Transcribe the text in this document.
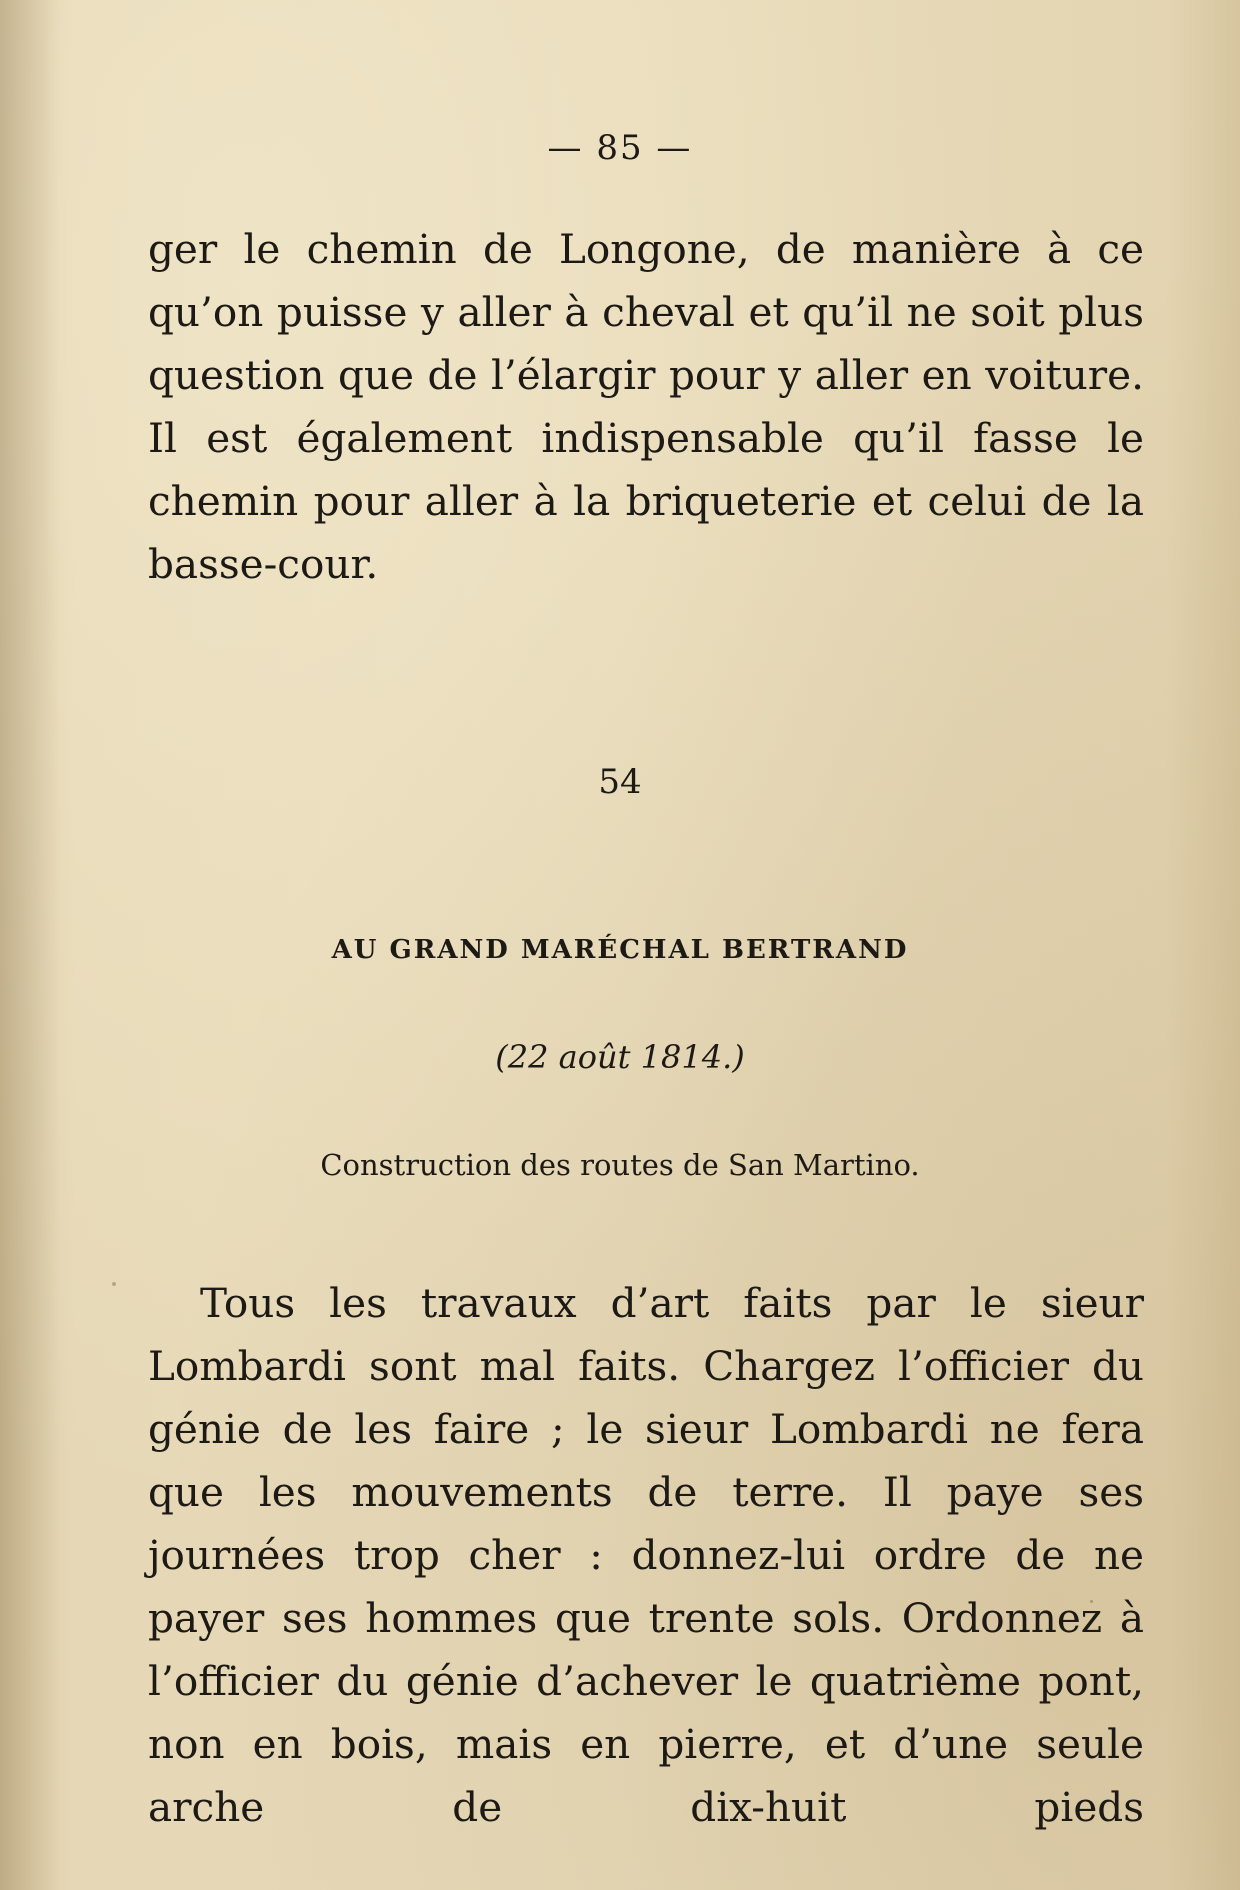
— 85 —

ger le chemin de Longone, de manière à ce qu’on puisse y aller à cheval et qu’il ne soit plus question que de l’élargir pour y aller en voiture. Il est également indispensable qu’il fasse le chemin pour aller à la briqueterie et celui de la basse-cour.

54
AU GRAND MARÉCHAL BERTRAND
(22 août 1814.)
Construction des routes de San Martino.

Tous les travaux d’art faits par le sieur Lombardi sont mal faits. Chargez l’officier du génie de les faire ; le sieur Lombardi ne fera que les mouvements de terre. Il paye ses journées trop cher : donnez-lui ordre de ne payer ses hommes que trente sols. Ordonnez à l’officier du génie d’achever le quatrième pont, non en bois, mais en pierre, et d’une seule arche de dix-huit pieds
